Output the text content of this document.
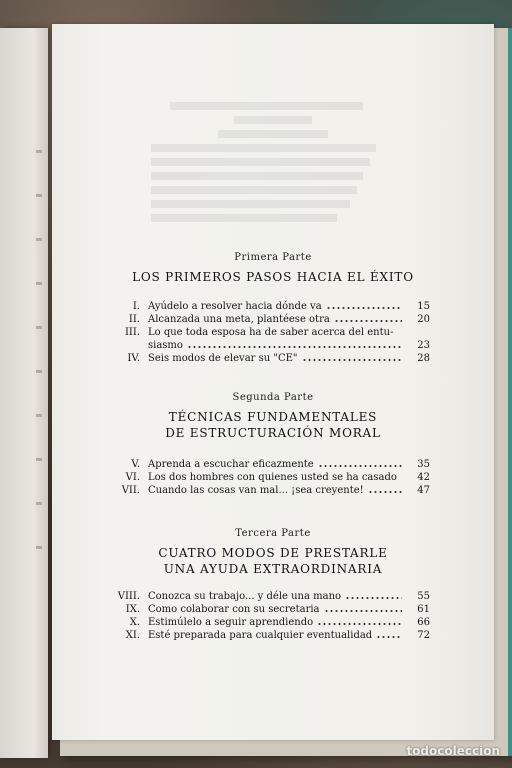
Primera Parte
LOS PRIMEROS PASOS HACIA EL ÉXITO
I. Ayúdelo a resolver hacia dónde va	15
II. Alcanzada una meta, plantéese otra	20
III. Lo que toda esposa ha de saber acerca del entu-
siasmo	23
IV. Seis modos de elevar su "CE"	28
Segunda Parte
TÉCNICAS FUNDAMENTALES
DE ESTRUCTURACIÓN MORAL
V. Aprenda a escuchar eficazmente	35
VI. Los dos hombres con quienes usted se ha casado	42
VII. Cuando las cosas van mal... ¡sea creyente!	47
Tercera Parte
CUATRO MODOS DE PRESTARLE
UNA AYUDA EXTRAORDINARIA
VIII. Conozca su trabajo... y déle una mano	55
IX. Como colaborar con su secretaria	61
X. Estimúlelo a seguir aprendiendo	66
XI. Esté preparada para cualquier eventualidad	72
todocoleccion
